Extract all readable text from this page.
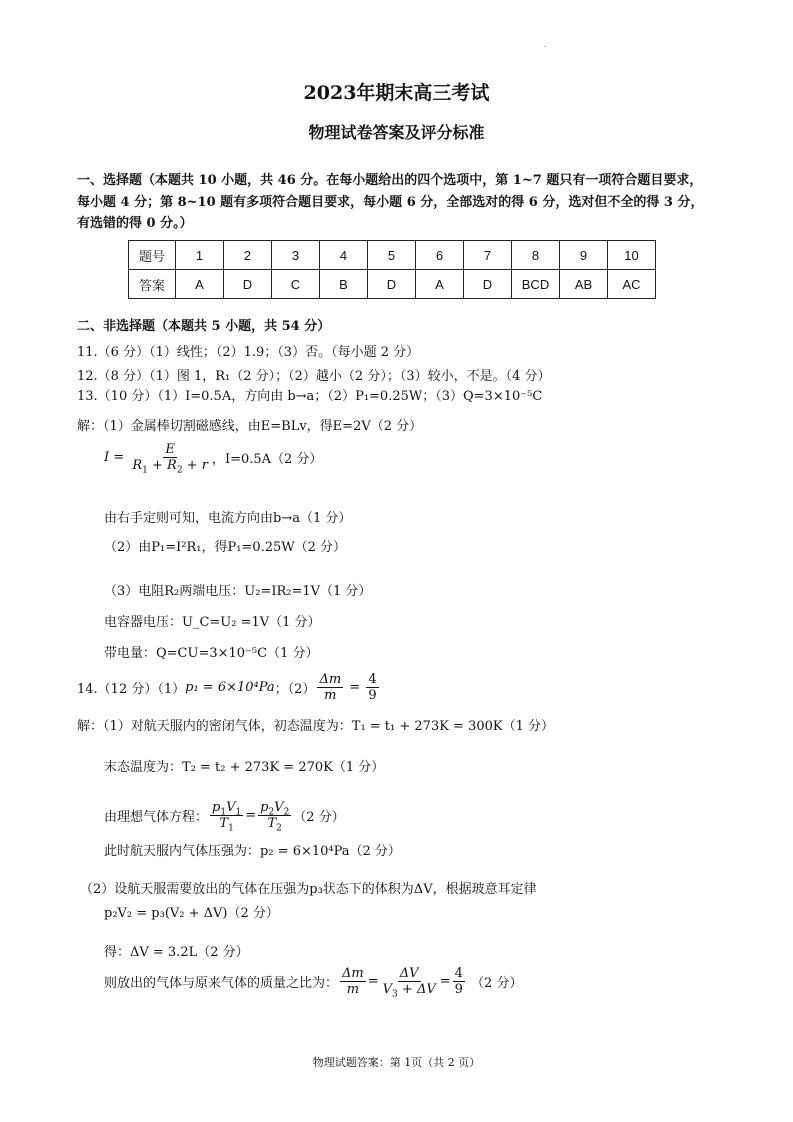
·
2023年期末高三考试
物理试卷答案及评分标准
一、选择题（本题共 10 小题，共 46 分。在每小题给出的四个选项中，第 1~7 题只有一项符合题目要求，
每小题 4 分；第 8~10 题有多项符合题目要求，每小题 6 分，全部选对的得 6 分，选对但不全的得 3 分，
有选错的得 0 分。）
题号	1	2	3	4	5	6	7	8	9	10
答案	A	D	C	B	D	A	D	BCD	AB	AC
二、非选择题（本题共 5 小题，共 54 分）
11.（6 分）（1）线性；（2）1.9；（3）否。（每小题 2 分）
12.（8 分）（1）图 1，R₁（2 分）；（2）越小（2 分）；（3）较小，不是。（4 分）
13.（10 分）（1）I=0.5A，方向由 b→a；（2）P₁=0.25W；（3）Q=3×10⁻⁵C
解：（1）金属棒切割磁感线，由E=BLv，得E=2V（2 分）
$I = \frac{E}{R_1 + R_2 + r}$ ，I=0.5A（2 分）
由右手定则可知，电流方向由b→a（1 分）
（2）由P₁=I²R₁，得P₁=0.25W（2 分）
（3）电阻R₂两端电压：U₂=IR₂=1V（1 分）
电容器电压：U_C=U₂ =1V（1 分）
带电量：Q=CU=3×10⁻⁵C（1 分）
14.（12 分）（1） p₁ = 6×10⁴Pa ；$(2) \frac{\Delta m}{m} = \frac{4}{9}$
解：（1）对航天服内的密闭气体，初态温度为：T₁ = t₁ + 273K = 300K（1 分）
末态温度为：T₂ = t₂ + 273K = 270K（1 分）
由理想气体方程： $\frac{p_1V_1}{T_1} = \frac{p_2V_2}{T_2} (2$ 分）
此时航天服内气体压强为：p₂ = 6×10⁴Pa（2 分）
（2）设航天服需要放出的气体在压强为p₃状态下的体积为ΔV，根据玻意耳定律
p₂V₂ = p₃(V₂ + ΔV)（2 分）
得：ΔV = 3.2L（2 分）
则放出的气体与原来气体的质量之比为： $\frac{\Delta m}{m} = \frac{\Delta V}{V_3 + \Delta V} = \frac{4}{9}$
（2 分）
物理试题答案：第 1页（共 2 页）
